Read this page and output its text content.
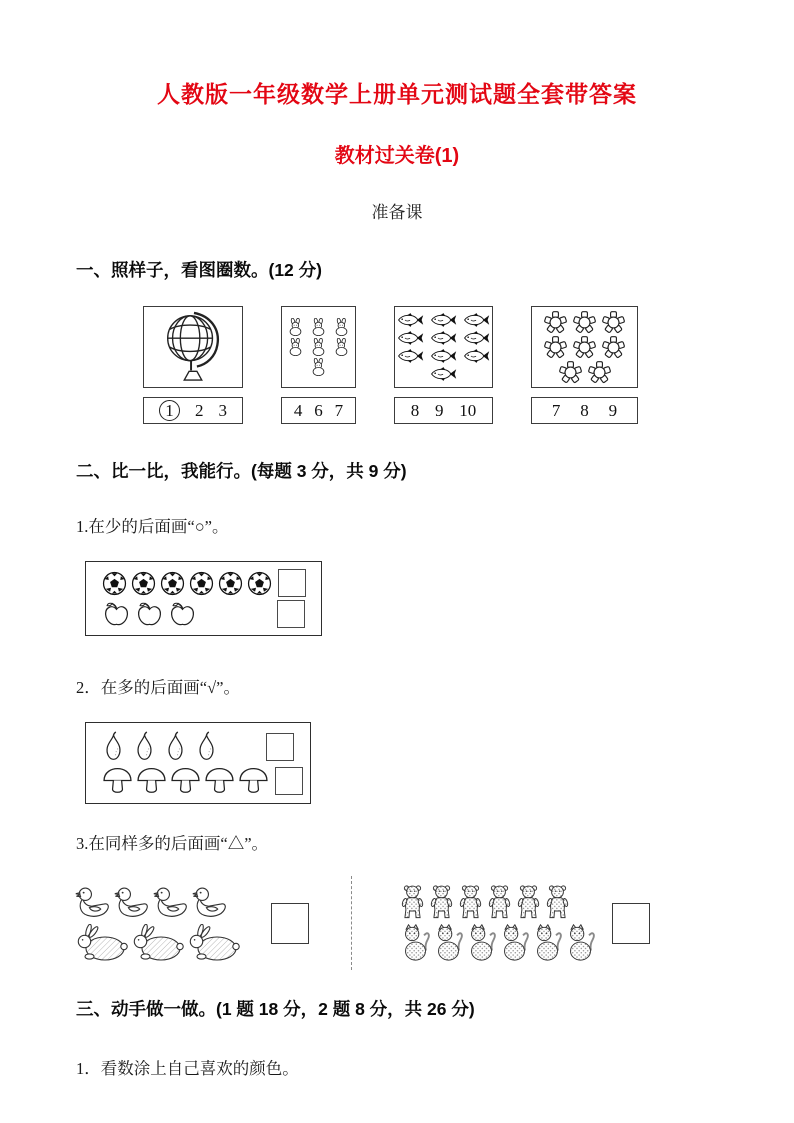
人教版一年级数学上册单元测试题全套带答案
教材过关卷(1)
准备课
一、照样子，看图圈数。(12 分)
1	2 3	4 6 7	8 9 10	7 8 9
二、比一比，我能行。(每题 3 分，共 9 分)
1.在少的后面画“○”。
2．在多的后面画“√”。
3.在同样多的后面画“△”。
三、动手做一做。(1 题 18 分，2 题 8 分，共 26 分)
1．看数涂上自己喜欢的颜色。
